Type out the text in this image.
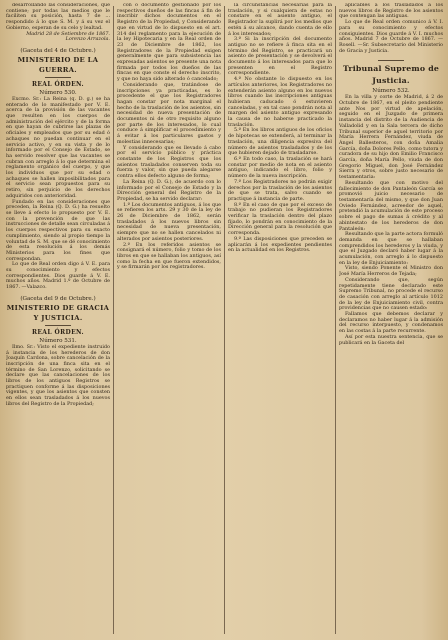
desarrollando las consideraciones, que contiene; por todas las medios que le faciliten su posición, hasta 7 de ... respondido á lo que S. M. y á su vez el Gobierno, esperan de su celo y lealtad.

Madrid 28 de Setiembre de 1867.

Lorenzo Arrazola.

(Gaceta del 4 de Octubre.)

MINISTERIO DE LA GUERRA.

REAL ÓRDEN.

Número 530.

Excmo. Sr.: La Reina (q. D. g.) se ha enterado de lo manifestado por V. E. acerca de la provisión de las vacantes que resulten en los cuerpos de administración del ejército y de la forma en que hayan de cubrirse las plazas de oficiales y empleados que por su edad ó achaques no puedan continuar en el servicio activo, y en su vista y de lo informado por el Consejo de Estado, se ha servido resolver que las vacantes se cubran con arreglo á lo que determina el reglamento orgánico del cuerpo, y que los individuos que por su edad o achaques se hallen imposibilitados para el servicio sean propuestos para su retiro, sin perjuicio de los derechos adquiridos con anterioridad.

Fundado en las consideraciones que preceden, la Reina (Q. D. G.) ha resuelto se lleve á efecto lo propuesto por V. E. con la prevención de que las instrucciones de detalle sean circuladas á los cuerpos respectivos para su exacto cumplimiento, siendo al propio tiempo la voluntad de S. M. que se dé conocimiento de esta resolución á los demás Ministerios para los fines que correspondan.

Lo que de Real orden digo á V. E. para su conocimiento y efectos correspondientes. Dios guarde á V. E. muchos años. Madrid 1.º de Octubre de 1867. —Valazco.

(Gaceta del 9 de Octubre.)

MINISTERIO DE GRACIA Y JUSTICIA.

REAL ÓRDEN.

Número 531.

Ilmo. Sr.: Visto el expediente instruido á instancia de los herederos de don Joaquín Cardona, sobre cancelación de la inscripción de una finca sita en el término de San Lorenzo, solicitando se declare que las cancelaciones de los libros de los antiguos Registros se practiquen conforme á las disposiciones vigentes, y que los asientos que consten en ellos sean trasladados á los nuevos libros del Registro de la Propiedad;

con ó documento gestionado por los respectivos dueños de las fincas á fin de inscribir dichos documentos en el Registro de la Propiedad, y Considerando que en virtud de lo dispuesto en el art. 314 del reglamento para la ejecución de la ley Hipotecaria y en la Real orden de 23 de Diciembre de 1862, los Registradores de la Propiedad exigen generalmente que para subsistencia las expresadas asientos se presente una nota firmada por todos los dueños de las fincas en que conste el derecho inscrito, y que no haya sido alterado ó cancelado;

Considerando que, tratándose de inscripciones ya practicadas, es lo procedente el que los Registradores hagan constar por nota marginal el hecho de la traslación de los asientos, sin necesidad de nueva presentación de documentos ni de otro requisito alguno por parte de los interesados, lo cual conduce á simplificar el procedimiento y á evitar á los particulares gastos y molestias innecesarias;

Y considerando que es llevado á cabo por el servicio público y práctica constante de los Registros que los asientos trasladados conserven toda su fuerza y valor, sin que pueda alegarse contra ellos defecto alguno de forma;

La Reina (Q. D. G.), de acuerdo con lo informado por el Consejo de Estado y la Dirección general del Registro de la Propiedad, se ha servido declarar:

1.º Los documentos antiguos, á los que se refieren los arts. 29 y 30 de la ley de 26 de Diciembre de 1862, serán trasladados á los nuevos libros sin necesidad de nueva presentación, siempre que no se hallen cancelados ni alterados por asientos posteriores.

2.º En los referidos asientos se consignará el número, folio y tomo de los libros en que se hallaban los antiguos, así como la fecha en que fueron extendidos, y se firmarán por los registradores.

la circunstancias necesarias para la traslación, y si cualquiera de estas no constare en el asiento antiguo, el Registrador la suplirá por los medios que estén á su alcance, dando cuenta de ello á los interesados;

3.º Si la inscripción del documento antiguo no se refiere á finca sita en el término del Registro, se practicará un asiento de presentación y se devolverá el documento á los interesados para que lo presenten en el Registro correspondiente.

4.º No obstante lo dispuesto en los artículos anteriores, los Registradores no extenderán asiento alguno en los nuevos libros cuando las inscripciones antiguas hubieran caducado ó estuvieren canceladas, y en tal caso pondrán nota al margen del asiento antiguo expresando la causa de no haberse practicado la traslación.

5.º En los libros antiguos de los oficios de hipotecas se extenderá, al terminar la traslación, una diligencia expresiva del número de asientos trasladados y de los que hubieren dejado de trasladarse.

6.º En todo caso, la traslación se hará constar por medio de nota en el asiento antiguo, indicando el libro, folio y número de la nueva inscripción.

7.º Los Registradores no podrán exigir derechos por la traslación de los asientos de que se trata, salvo cuando se practique á instancia de parte.

8.º En el caso de que por el exceso de trabajo no pudieran los Registradores verificar la traslación dentro del plazo fijado, lo pondrán en conocimiento de la Dirección general para la resolución que corresponda.

9.º Las disposiciones que preceden se aplicarán á los expedientes pendientes en la actualidad en los Registros.

aplicables á los trasladados á los nuevos libros de Registro de los asientos que contengan las antiguas.

Lo que de Real orden comunico á V. I. para su conocimiento y efectos consiguientes. Dios guarde á V. I. muchos años. Madrid 7 de Octubre de 1867. —Rosell. —Sr. Subsecretario del Ministerio de Gracia y Justicia.

Tribunal Supremo de Justicia.

Número 532.

En la villa y corte de Madrid, á 2 de Octubre de 1867, en el pleito pendiente ante Nos por virtud de apelación, seguido en el Juzgado de primera instancia del distrito de la Audiencia de Valladolid y en la Sala tercera de dicho Tribunal superior de aquel territorio por María Herrera Fernández, viuda de Ángel Ballesteros, con doña Amalia García, doña Dolores Pello, como tutora y curadora de su hijo don Emilio Francisco García, doña María Pello, viuda de don Gregorio Miguel, don José Fernández Sierra y otros, sobre justo necesario de testamentaria:

Resultando que con motivo del fallecimiento de don Pantaleón García se promovió juicio necesario de testamentaría del mismo, y que don Juan Oviedo Fernández, acreedor de aquel, pretendió la acumulación de este proceso sobre el pago de sumas á crédito y al abintestato de los herederos de don Pantaleón:

Resultando que la parte actora formuló demanda en que se hallaban comprendidos los herederos y la viuda, y que el Juzgado declaró haber lugar á la acumulación, con arreglo á lo dispuesto en la ley de Enjuiciamiento:

Visto, siendo Ponente el Ministro don José María Herreros de Tejada;

Considerando que, según repetidamente tiene declarado este Supremo Tribunal, no procede el recurso de casación con arreglo al artículo 1012 de la ley de Enjuiciamiento civil, contra providencias que no causen estado:

Fallamos que debemos declarar y declaramos no haber lugar á la admisión del recurso interpuesto, y condenamos en las costas á la parte recurrente.

Así por esta nuestra sentencia, que se publicará en la Gaceta del
